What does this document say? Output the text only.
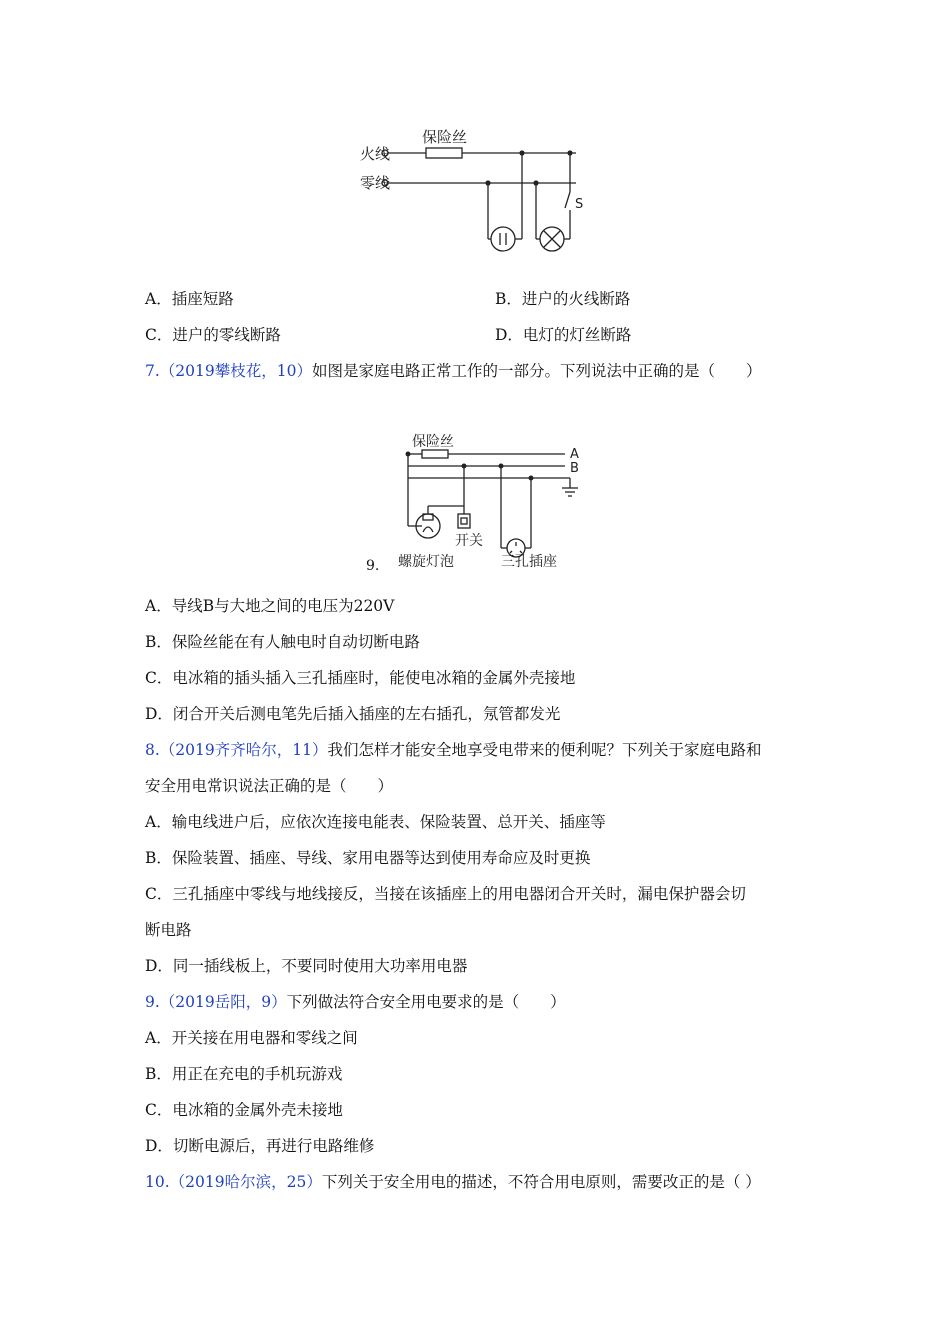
火线
零线
保险丝
S
A．插座短路	B．进户的火线断路
C．进户的零线断路	D．电灯的灯丝断路
7.（2019攀枝花，10）如图是家庭电路正常工作的一部分。下列说法中正确的是（　　）
保险丝
A
B
开关
螺旋灯泡	三孔插座
9.
A．导线B与大地之间的电压为220V
B．保险丝能在有人触电时自动切断电路
C．电冰箱的插头插入三孔插座时，能使电冰箱的金属外壳接地
D．闭合开关后测电笔先后插入插座的左右插孔，氖管都发光
8.（2019齐齐哈尔，11）我们怎样才能安全地享受电带来的便利呢？下列关于家庭电路和
安全用电常识说法正确的是（　　）
A．输电线进户后，应依次连接电能表、保险装置、总开关、插座等
B．保险装置、插座、导线、家用电器等达到使用寿命应及时更换
C．三孔插座中零线与地线接反，当接在该插座上的用电器闭合开关时，漏电保护器会切
断电路
D．同一插线板上，不要同时使用大功率用电器
9.（2019岳阳，9）下列做法符合安全用电要求的是（　　）
A．开关接在用电器和零线之间
B．用正在充电的手机玩游戏
C．电冰箱的金属外壳未接地
D．切断电源后，再进行电路维修
10.（2019哈尔滨，25）下列关于安全用电的描述，不符合用电原则，需要改正的是（ ）
